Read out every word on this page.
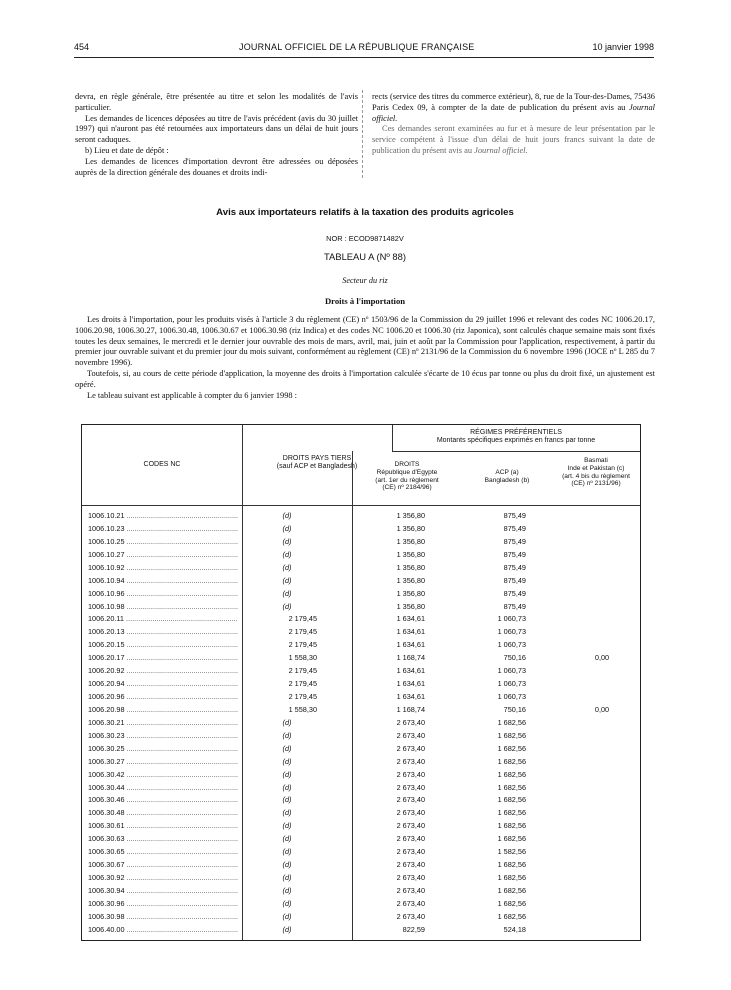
454	JOURNAL OFFICIEL DE LA RÉPUBLIQUE FRANÇAISE	10 janvier 1998

devra, en règle générale, être présentée au titre et selon les modalités de l'avis particulier.

Les demandes de licences déposées au titre de l'avis précédent (avis du 30 juillet 1997) qui n'auront pas été retournées aux importateurs dans un délai de huit jours seront caduques.

b) Lieu et date de dépôt :

Les demandes de licences d'importation devront être adressées ou déposées auprès de la direction générale des douanes et droits indi-

rects (service des titres du commerce extérieur), 8, rue de la Tour-des-Dames, 75436 Paris Cedex 09, à compter de la date de publication du présent avis au Journal officiel.

Ces demandes seront examinées au fur et à mesure de leur présentation par le service compétent à l'issue d'un délai de huit jours francs suivant la date de publication du présent avis au Journal officiel.

Avis aux importateurs relatifs à la taxation des produits agricoles
NOR : ECOD9871482V
TABLEAU A (Nº 88)
Secteur du riz
Droits à l'importation

Les droits à l'importation, pour les produits visés à l'article 3 du règlement (CE) nº 1503/96 de la Commission du 29 juillet 1996 et relevant des codes NC 1006.20.17, 1006.20.98, 1006.30.27, 1006.30.48, 1006.30.67 et 1006.30.98 (riz Indica) et des codes NC 1006.20 et 1006.30 (riz Japonica), sont calculés chaque semaine mais sont fixés toutes les deux semaines, le mercredi et le dernier jour ouvrable des mois de mars, avril, mai, juin et août par la Commission pour l'application, respectivement, à partir du premier jour ouvrable suivant et du premier jour du mois suivant, conformément au règlement (CE) nº 2131/96 de la Commission du 6 novembre 1996 (JOCE nº L 285 du 7 novembre 1996).

Toutefois, si, au cours de cette période d'application, la moyenne des droits à l'importation calculée s'écarte de 10 écus par tonne ou plus du droit fixé, un ajustement est opéré.

Le tableau suivant est applicable à compter du 6 janvier 1998 :

CODES NC
DROITS PAYS TIERS
(sauf ACP et Bangladesh)
RÉGIMES PRÉFÉRENTIELS
Montants spécifiques exprimés en francs par tonne
DROITS
République d'Egypte
(art. 1er du règlement
(CE) nº 2184/96)
ACP (a)
Bangladesh (b)
Basmati
Inde et Pakistan (c)
(art. 4 bis du règlement
(CE) nº 2131/96)
1006.10.21 .....	(d)	1 356,80	875,49
1006.10.23 .....	(d)	1 356,80	875,49
1006.10.25 .....	(d)	1 356,80	875,49
1006.10.27 .....	(d)	1 356,80	875,49
1006.10.92 .....	(d)	1 356,80	875,49
1006.10.94 .....	(d)	1 356,80	875,49
1006.10.96 .....	(d)	1 356,80	875,49
1006.10.98 .....	(d)	1 356,80	875,49
1006.20.11 .....	2 179,45	1 634,61	1 060,73
1006.20.13 .....	2 179,45	1 634,61	1 060,73
1006.20.15 .....	2 179,45	1 634,61	1 060,73
1006.20.17 .....	1 558,30	1 168,74	750,16	0,00
1006.20.92 .....	2 179,45	1 634,61	1 060,73
1006.20.94 .....	2 179,45	1 634,61	1 060,73
1006.20.96 .....	2 179,45	1 634,61	1 060,73
1006.20.98 .....	1 558,30	1 168,74	750,16	0,00
1006.30.21 .....	(d)	2 673,40	1 682,56
1006.30.23 .....	(d)	2 673,40	1 682,56
1006.30.25 .....	(d)	2 673,40	1 682,56
1006.30.27 .....	(d)	2 673,40	1 682,56
1006.30.42 .....	(d)	2 673,40	1 682,56
1006.30.44 .....	(d)	2 673,40	1 682,56
1006.30.46 .....	(d)	2 673,40	1 682,56
1006.30.48 .....	(d)	2 673,40	1 682,56
1006.30.61 .....	(d)	2 673,40	1 682,56
1006.30.63 .....	(d)	2 673,40	1 682,56
1006.30.65 .....	(d)	2 673,40	1 582,56
1006.30.67 .....	(d)	2 673,40	1 682,56
1006.30.92 .....	(d)	2 673,40	1 682,56
1006.30.94 .....	(d)	2 673,40	1 682,56
1006.30.96 .....	(d)	2 673,40	1 682,56
1006.30.98 .....	(d)	2 673,40	1 682,56
1006.40.00 .....	(d)	822,59	524,18
